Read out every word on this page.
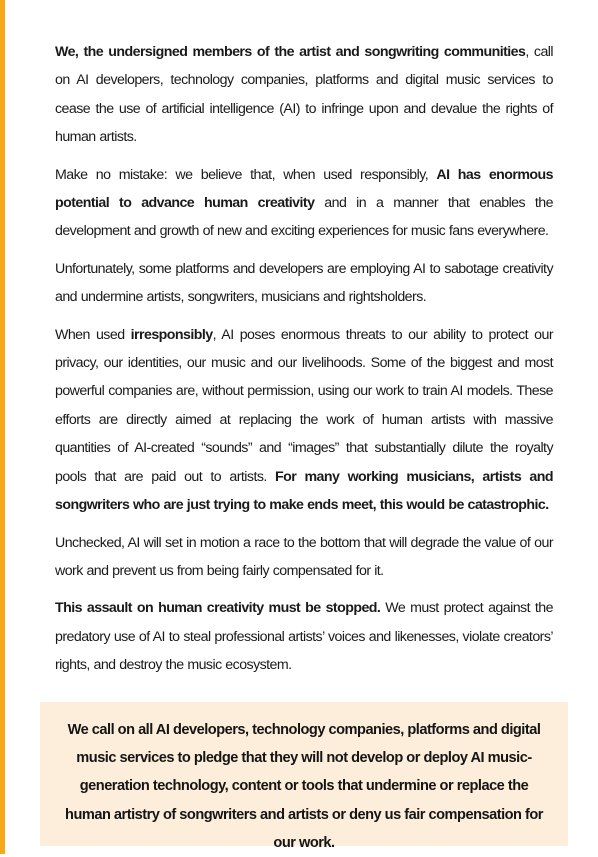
We, the undersigned members of the artist and songwriting communities, call on AI developers, technology companies, platforms and digital music services to cease the use of artificial intelligence (AI) to infringe upon and devalue the rights of human artists.

Make no mistake: we believe that, when used responsibly, AI has enormous potential to advance human creativity and in a manner that enables the development and growth of new and exciting experiences for music fans everywhere.

Unfortunately, some platforms and developers are employing AI to sabotage creativity and undermine artists, songwriters, musicians and rightsholders.

When used irresponsibly, AI poses enormous threats to our ability to protect our privacy, our identities, our music and our livelihoods. Some of the biggest and most powerful companies are, without permission, using our work to train AI models. These efforts are directly aimed at replacing the work of human artists with massive quantities of AI-created “sounds” and “images” that substantially dilute the royalty pools that are paid out to artists. For many working musicians, artists and songwriters who are just trying to make ends meet, this would be catastrophic.

Unchecked, AI will set in motion a race to the bottom that will degrade the value of our work and prevent us from being fairly compensated for it.

This assault on human creativity must be stopped. We must protect against the predatory use of AI to steal professional artists’ voices and likenesses, violate creators’ rights, and destroy the music ecosystem.

We call on all AI developers, technology companies, platforms and digital music services to pledge that they will not develop or deploy AI music-generation technology, content or tools that undermine or replace the human artistry of songwriters and artists or deny us fair compensation for our work.
